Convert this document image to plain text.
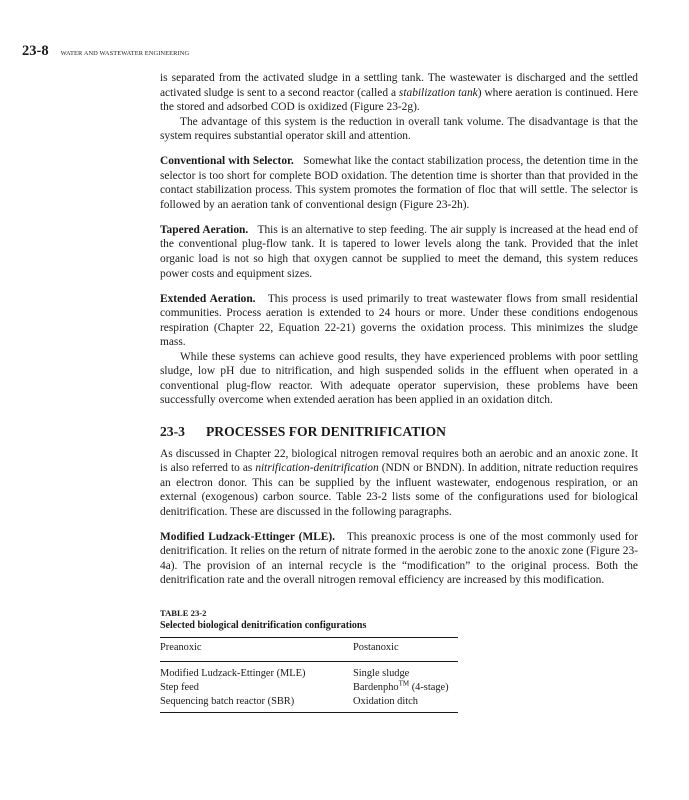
23-8 WATER AND WASTEWATER ENGINEERING

is separated from the activated sludge in a settling tank. The wastewater is discharged and the settled activated sludge is sent to a second reactor (called a stabilization tank) where aeration is continued. Here the stored and adsorbed COD is oxidized (Figure 23-2g).

The advantage of this system is the reduction in overall tank volume. The disadvantage is that the system requires substantial operator skill and attention.

Conventional with Selector. Somewhat like the contact stabilization process, the detention time in the selector is too short for complete BOD oxidation. The detention time is shorter than that provided in the contact stabilization process. This system promotes the formation of floc that will settle. The selector is followed by an aeration tank of conventional design (Figure 23-2h).

Tapered Aeration. This is an alternative to step feeding. The air supply is increased at the head end of the conventional plug-flow tank. It is tapered to lower levels along the tank. Provided that the inlet organic load is not so high that oxygen cannot be supplied to meet the demand, this system reduces power costs and equipment sizes.

Extended Aeration. This process is used primarily to treat wastewater flows from small residential communities. Process aeration is extended to 24 hours or more. Under these conditions endogenous respiration (Chapter 22, Equation 22-21) governs the oxidation process. This minimizes the sludge mass.

While these systems can achieve good results, they have experienced problems with poor settling sludge, low pH due to nitrification, and high suspended solids in the effluent when operated in a conventional plug-flow reactor. With adequate operator supervision, these problems have been successfully overcome when extended aeration has been applied in an oxidation ditch.

23-3 PROCESSES FOR DENITRIFICATION

As discussed in Chapter 22, biological nitrogen removal requires both an aerobic and an anoxic zone. It is also referred to as nitrification-denitrification (NDN or BNDN). In addition, nitrate reduction requires an electron donor. This can be supplied by the influent wastewater, endogenous respiration, or an external (exogenous) carbon source. Table 23-2 lists some of the configurations used for biological denitrification. These are discussed in the following paragraphs.

Modified Ludzack-Ettinger (MLE). This preanoxic process is one of the most commonly used for denitrification. It relies on the return of nitrate formed in the aerobic zone to the anoxic zone (Figure 23-4a). The provision of an internal recycle is the “modification” to the original process. Both the denitrification rate and the overall nitrogen removal efficiency are increased by this modification.

TABLE 23-2
Selected biological denitrification configurations
Preanoxic	Postanoxic
Modified Ludzack-Ettinger (MLE)	Single sludge
Step feed	Bardenpho™ (4-stage)
Sequencing batch reactor (SBR)	Oxidation ditch
